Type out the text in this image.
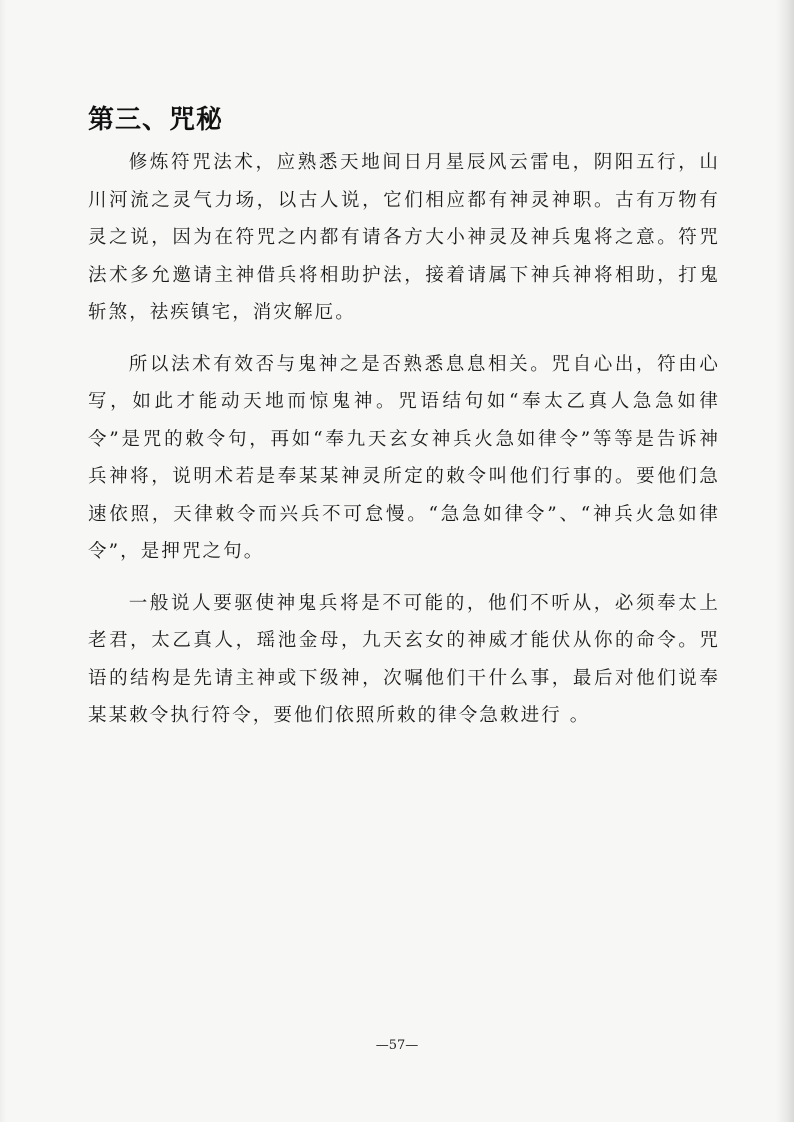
第三、咒秘

修炼符咒法术，应熟悉天地间日月星辰风云雷电，阴阳五行，山川河流之灵气力场，以古人说，它们相应都有神灵神职。古有万物有灵之说，因为在符咒之内都有请各方大小神灵及神兵鬼将之意。符咒法术多允邀请主神借兵将相助护法，接着请属下神兵神将相助，打鬼斩煞，祛疾镇宅，消灾解厄。

所以法术有效否与鬼神之是否熟悉息息相关。咒自心出，符由心写，如此才能动天地而惊鬼神。咒语结句如“奉太乙真人急急如律令”是咒的敕令句，再如“奉九天玄女神兵火急如律令”等等是告诉神兵神将，说明术若是奉某某神灵所定的敕令叫他们行事的。要他们急速依照，天律敕令而兴兵不可怠慢。“急急如律令”、“神兵火急如律令”，是押咒之句。

一般说人要驱使神鬼兵将是不可能的，他们不听从，必须奉太上老君，太乙真人，瑶池金母，九天玄女的神威才能伏从你的命令。咒语的结构是先请主神或下级神，次嘱他们干什么事，最后对他们说奉某某敕令执行符令，要他们依照所敕的律令急敕进行 。

—57—
